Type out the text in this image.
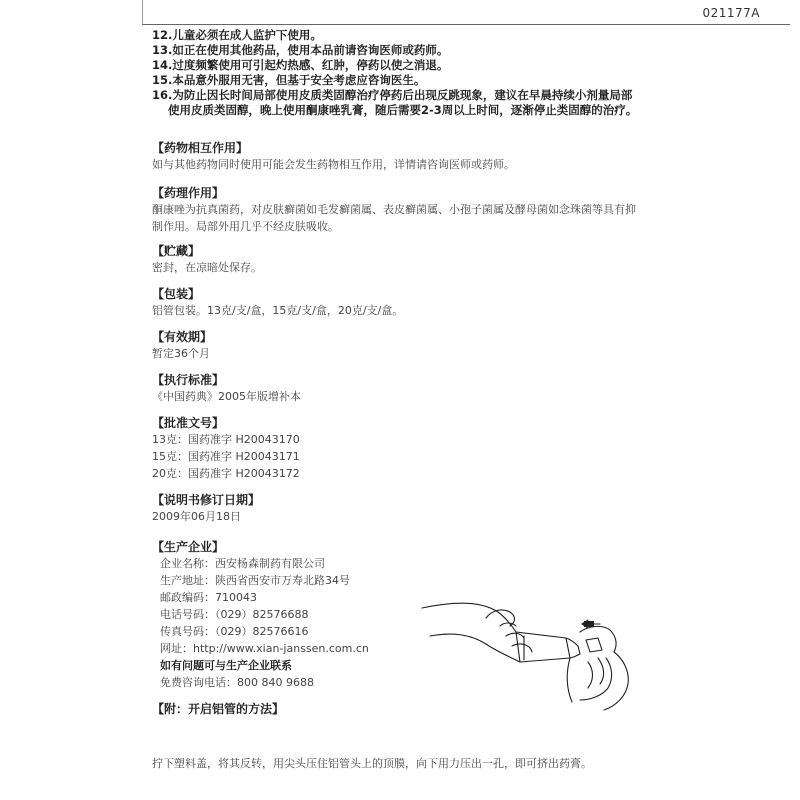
021177A

12.儿童必须在成人监护下使用。

13.如正在使用其他药品，使用本品前请咨询医师或药师。

14.过度频繁使用可引起灼热感、红肿，停药以使之消退。

15.本品意外服用无害，但基于安全考虑应咨询医生。

16.为防止因长时间局部使用皮质类固醇治疗停药后出现反跳现象，建议在早晨持续小剂量局部

使用皮质类固醇，晚上使用酮康唑乳膏，随后需要2-3周以上时间，逐渐停止类固醇的治疗。

【药物相互作用】

如与其他药物同时使用可能会发生药物相互作用，详情请咨询医师或药师。

【药理作用】

酮康唑为抗真菌药，对皮肤癣菌如毛发癣菌属、表皮癣菌属、小孢子菌属及酵母菌如念珠菌等具有抑

制作用。局部外用几乎不经皮肤吸收。

【贮藏】

密封，在凉暗处保存。

【包装】

铝管包装。13克/支/盒，15克/支/盒，20克/支/盒。

【有效期】

暂定36个月

【执行标准】

《中国药典》2005年版增补本

【批准文号】

13克：国药准字 H20043170

15克：国药准字 H20043171

20克：国药准字 H20043172

【说明书修订日期】

2009年06月18日

【生产企业】

企业名称：西安杨森制药有限公司

生产地址：陕西省西安市万寿北路34号

邮政编码：710043

电话号码：（029）82576688

传真号码：（029）82576616

网址：http://www.xian-janssen.com.cn

如有问题可与生产企业联系

免费咨询电话：800 840 9688

【附：开启铝管的方法】

拧下塑料盖，将其反转，用尖头压住铝管头上的顶膜，向下用力压出一孔，即可挤出药膏。
